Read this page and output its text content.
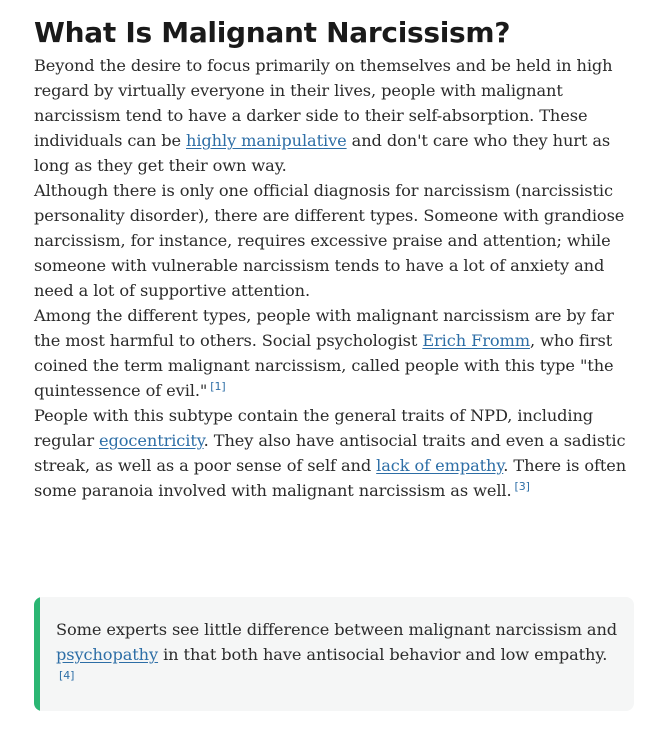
What Is Malignant Narcissism?

Beyond the desire to focus primarily on themselves and be held in high regard by virtually everyone in their lives, people with malignant narcissism tend to have a darker side to their self-absorption. These individuals can be highly manipulative and don't care who they hurt as long as they get their own way.

Although there is only one official diagnosis for narcissism (narcissistic personality disorder), there are different types. Someone with grandiose narcissism, for instance, requires excessive praise and attention; while someone with vulnerable narcissism tends to have a lot of anxiety and need a lot of supportive attention.

Among the different types, people with malignant narcissism are by far the most harmful to others. Social psychologist Erich Fromm, who first coined the term malignant narcissism, called people with this type "the quintessence of evil." [1]

People with this subtype contain the general traits of NPD, including regular egocentricity. They also have antisocial traits and even a sadistic streak, as well as a poor sense of self and lack of empathy. There is often some paranoia involved with malignant narcissism as well. [3]

Some experts see little difference between malignant narcissism and psychopathy in that both have antisocial behavior and low empathy.[4]
